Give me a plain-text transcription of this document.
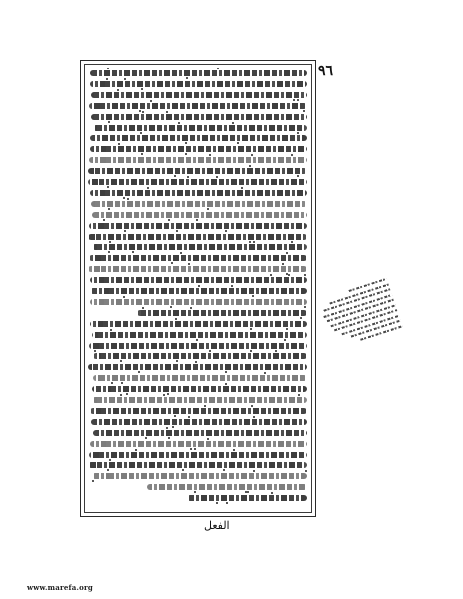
٩٦
الفعل
www.marefa.org
